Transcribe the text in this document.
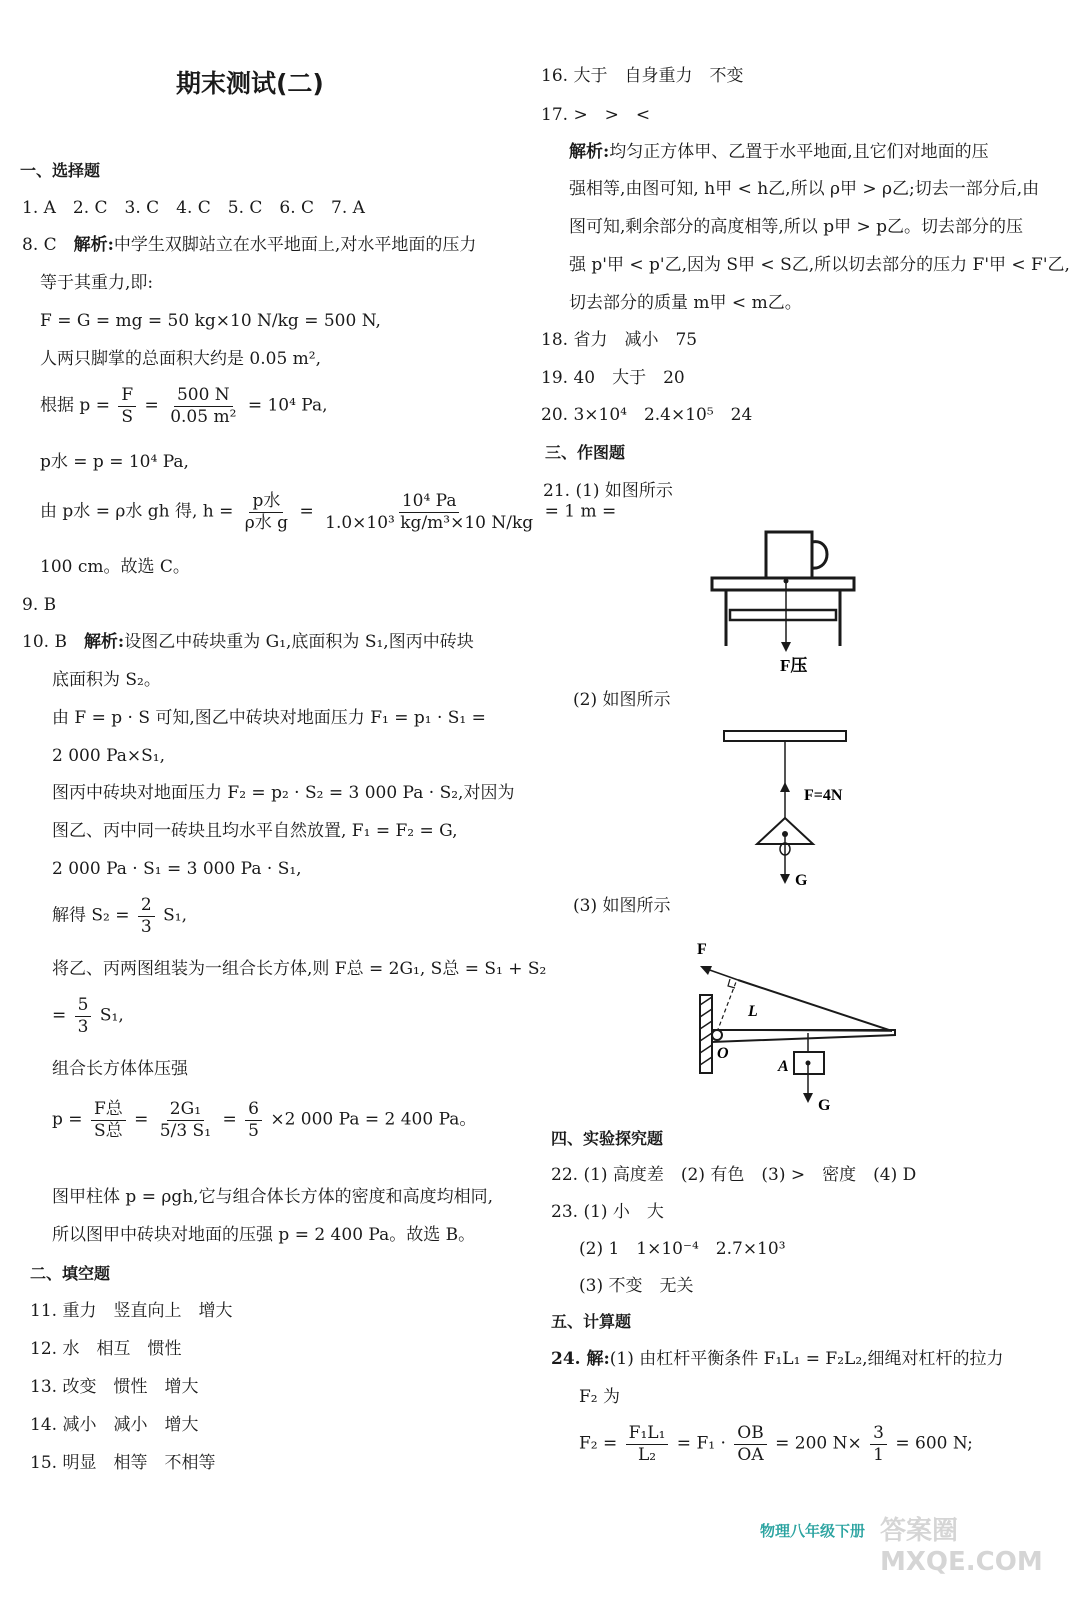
期末测试(二)
一、选择题
1. A　2. C　3. C　4. C　5. C　6. C　7. A
8. C　 解析:中学生双脚站立在水平地面上,对水平地面的压力
等于其重力,即:
F = G = mg = 50 kg×10 N/kg = 500 N,
人两只脚掌的总面积大约是 0.05 m²,
根据 $p = \frac{F}{S} = \frac{500 N}{\text{0.05 m²}} = 10^4$ Pa,
p水 = p = 10⁴ Pa,
由 p水 = ρ水 gh 得, $h = \frac{\text{p水}}{\text{ρ水 g}} = \frac{\text{10⁴ Pa}}{\text{1.0×10³ kg/m³×10 N/kg}} = 1$ m =
100 cm。故选 C。
9. B
10. B　 解析:设图乙中砖块重为 G₁,底面积为 S₁,图丙中砖块
底面积为 S₂。
由 F = p · S 可知,图乙中砖块对地面压力 F₁ = p₁ · S₁ =
2 000 Pa×S₁,
图丙中砖块对地面压力 F₂ = p₂ · S₂ = 3 000 Pa · S₂,对因为
图乙、丙中同一砖块且均水平自然放置, F₁ = F₂ = G,
2 000 Pa · S₁ = 3 000 Pa · S₁,
解得 $S_2 = \frac{2}{3} S_1$,
将乙、丙两图组装为一组合长方体,则 F总 = 2G₁, S总 = S₁ + S₂
= $\frac{5}{3} S_1$,
组合长方体体压强
$p = \frac{\text{F总}}{\text{S总}} = \frac{\text{2G₁}}{\text{5/3 S₁}} = \frac{6}{5} \times 2$ 000 Pa = 2 400 Pa。
图甲柱体 p = ρgh,它与组合体长方体的密度和高度均相同,
所以图甲中砖块对地面的压强 p = 2 400 Pa。故选 B。
二、填空题
11. 重力　竖直向上　增大
12. 水　相互　惯性
13. 改变　惯性　增大
14. 减小　减小　增大
15. 明显　相等　不相等
16. 大于　自身重力　不变
17. >　>　<
解析:均匀正方体甲、乙置于水平地面,且它们对地面的压
强相等,由图可知, h甲 < h乙,所以 ρ甲 > ρ乙;切去一部分后,由
图可知,剩余部分的高度相等,所以 p甲 > p乙。切去部分的压
强 p'甲 < p'乙,因为 S甲 < S乙,所以切去部分的压力 F'甲 < F'乙,
切去部分的质量 m甲 < m乙。
18. 省力　减小　75
19. 40　大于　20
20. 3×10⁴　2.4×10⁵　24
三、作图题
21. (1) 如图所示
(2) 如图所示
(3) 如图所示
四、实验探究题
22. (1) 高度差　(2) 有色　(3) >　密度　(4) D
23. (1) 小　大
(2) 1　1×10⁻⁴　2.7×10³
(3) 不变　无关
五、计算题
24. 解:(1) 由杠杆平衡条件 F₁L₁ = F₂L₂,细绳对杠杆的拉力
F₂ 为
$F_2 = \frac{\text{F₁L₁}}{\text{L₂}} = F_1 \cdot \frac{OB}{OA} = 200$ $N\times \frac{3}{1} = 600$ N;
F压
F=4N
G
F
L
O
A
G
物理八年级下册 答案圈 MXQE.COM
